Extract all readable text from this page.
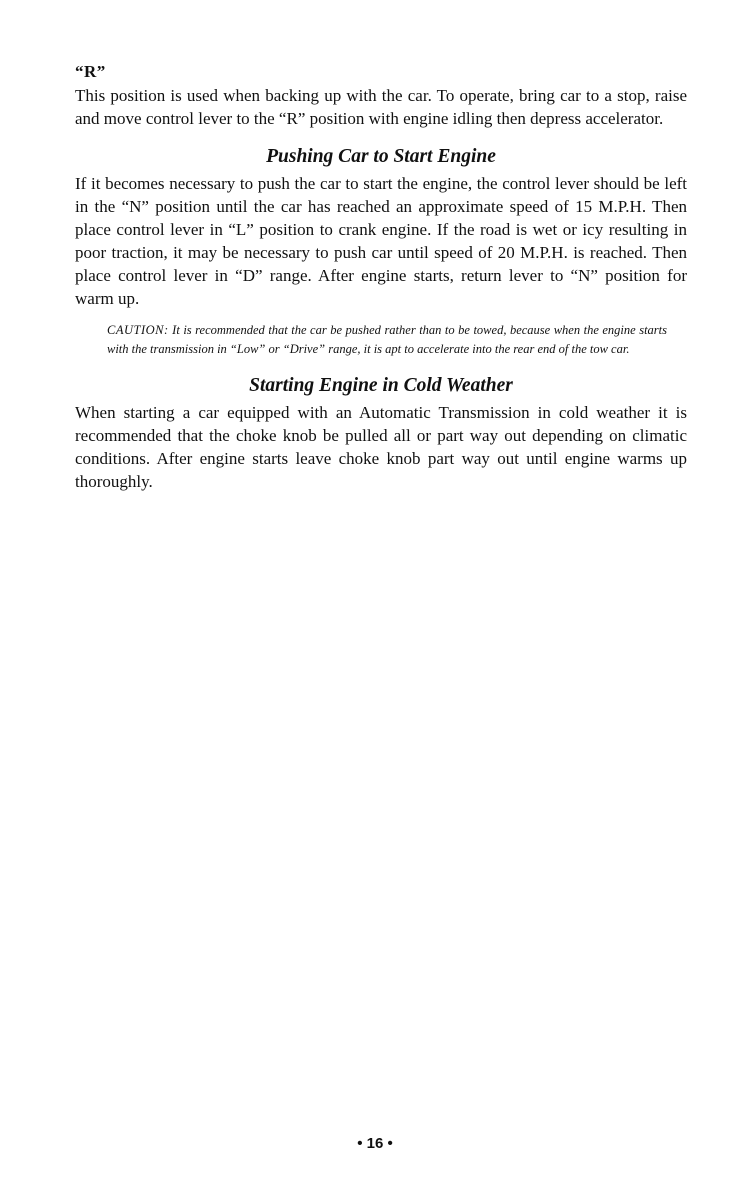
“R”

This position is used when backing up with the car. To operate, bring car to a stop, raise and move control lever to the “R” position with engine idling then depress accelerator.

Pushing Car to Start Engine

If it becomes necessary to push the car to start the engine, the control lever should be left in the “N” position until the car has reached an approximate speed of 15 M.P.H. Then place control lever in “L” position to crank engine. If the road is wet or icy resulting in poor traction, it may be necessary to push car until speed of 20 M.P.H. is reached. Then place control lever in “D” range. After engine starts, return lever to “N” position for warm up.

CAUTION: It is recommended that the car be pushed rather than to be towed, because when the engine starts with the transmission in “Low” or “Drive” range, it is apt to accelerate into the rear end of the tow car.

Starting Engine in Cold Weather

When starting a car equipped with an Automatic Transmission in cold weather it is recommended that the choke knob be pulled all or part way out depending on climatic conditions. After engine starts leave choke knob part way out until engine warms up thoroughly.

• 16 •
